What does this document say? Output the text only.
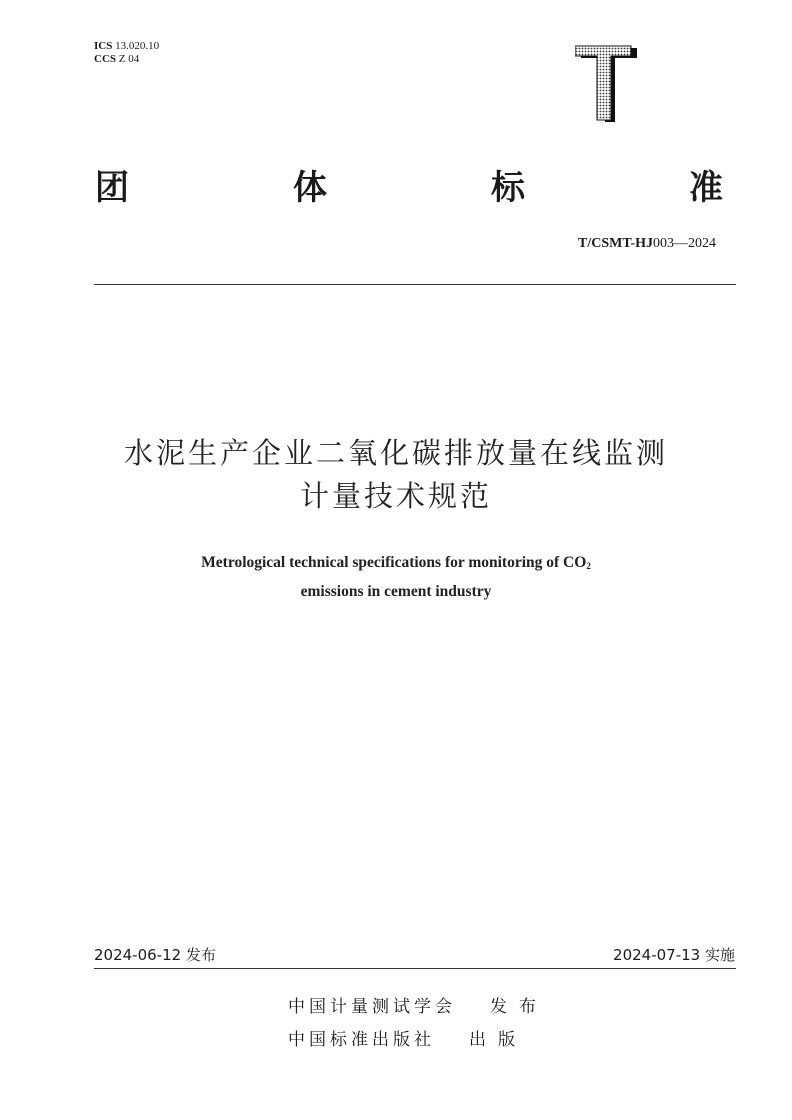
ICS 13.020.10
CCS Z 04
团	体	标	准
T/CSMT-HJ003—2024
水泥生产企业二氧化碳排放量在线监测
计量技术规范
Metrological technical specifications for monitoring of $CO_2$
emissions in cement industry
2024-06-12 发布	2024-07-13 实施
中国计量测试学会 发布
中国标准出版社 出版
